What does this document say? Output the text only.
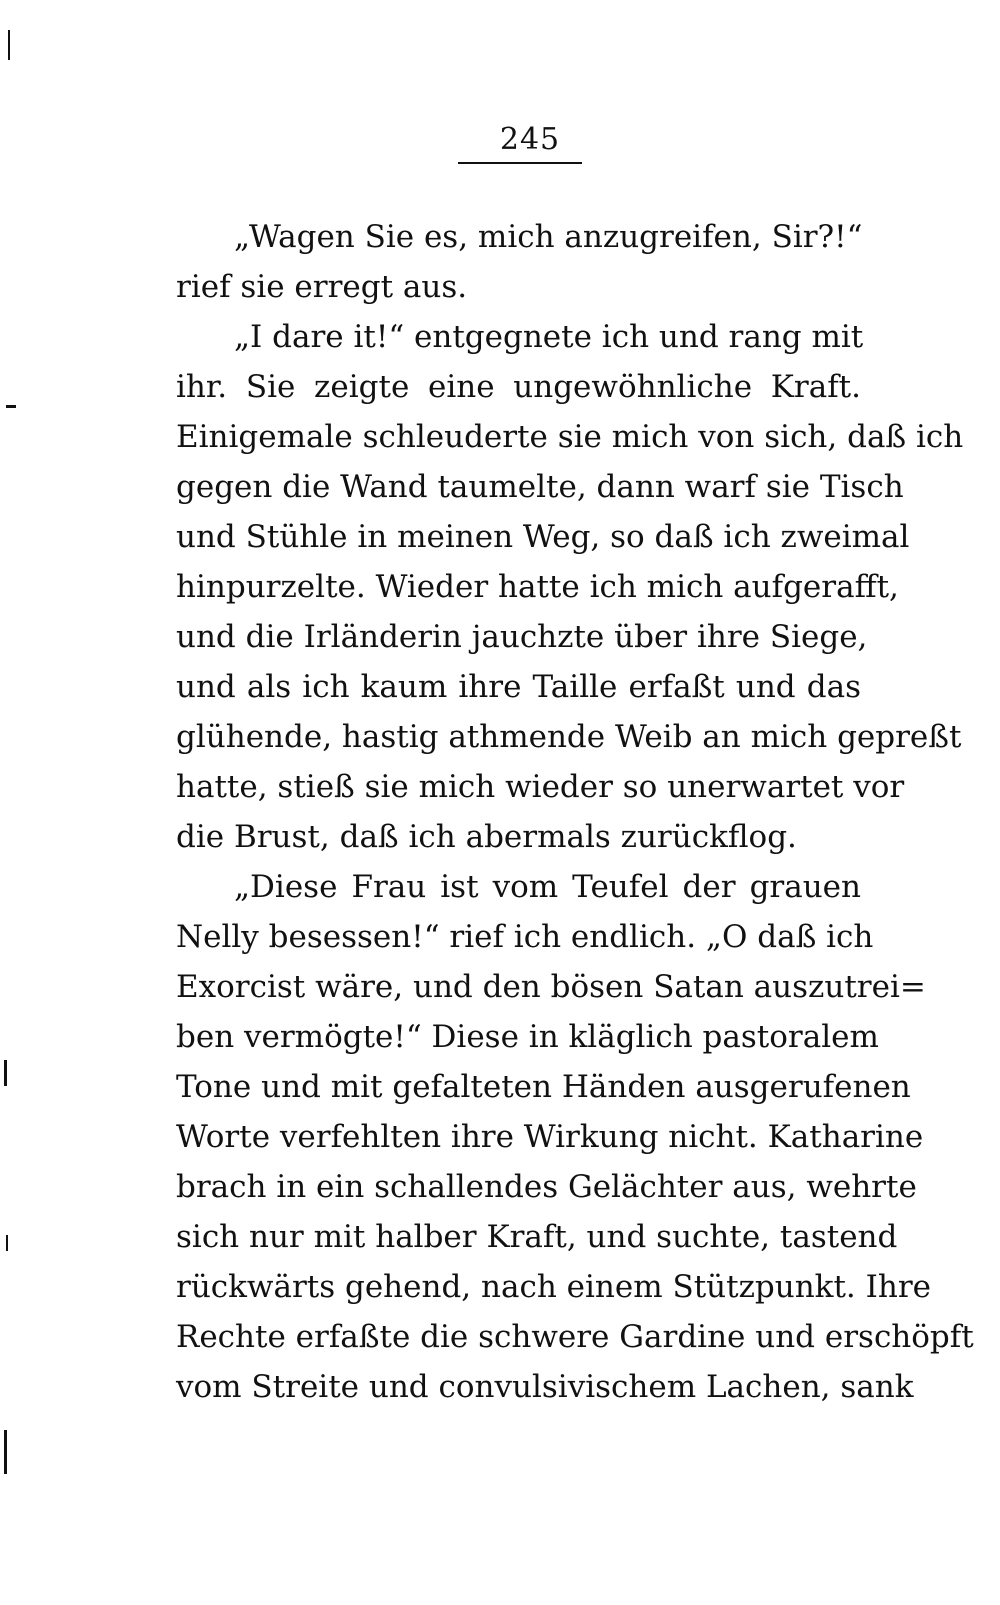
245
„Wagen Sie es, mich anzugreifen, Sir?!“
rief sie erregt aus.
„I dare it!“ entgegnete ich und rang mit
ihr. Sie zeigte eine ungewöhnliche Kraft.
Einigemale schleuderte sie mich von sich, daß ich
gegen die Wand taumelte, dann warf sie Tisch
und Stühle in meinen Weg, so daß ich zweimal
hinpurzelte. Wieder hatte ich mich aufgerafft,
und die Irländerin jauchzte über ihre Siege,
und als ich kaum ihre Taille erfaßt und das
glühende, hastig athmende Weib an mich gepreßt
hatte, stieß sie mich wieder so unerwartet vor
die Brust, daß ich abermals zurückflog.
„Diese Frau ist vom Teufel der grauen
Nelly besessen!“ rief ich endlich. „O daß ich
Exorcist wäre, und den bösen Satan auszutrei=
ben vermögte!“ Diese in kläglich pastoralem
Tone und mit gefalteten Händen ausgerufenen
Worte verfehlten ihre Wirkung nicht. Katharine
brach in ein schallendes Gelächter aus, wehrte
sich nur mit halber Kraft, und suchte, tastend
rückwärts gehend, nach einem Stützpunkt. Ihre
Rechte erfaßte die schwere Gardine und erschöpft
vom Streite und convulsivischem Lachen, sank
